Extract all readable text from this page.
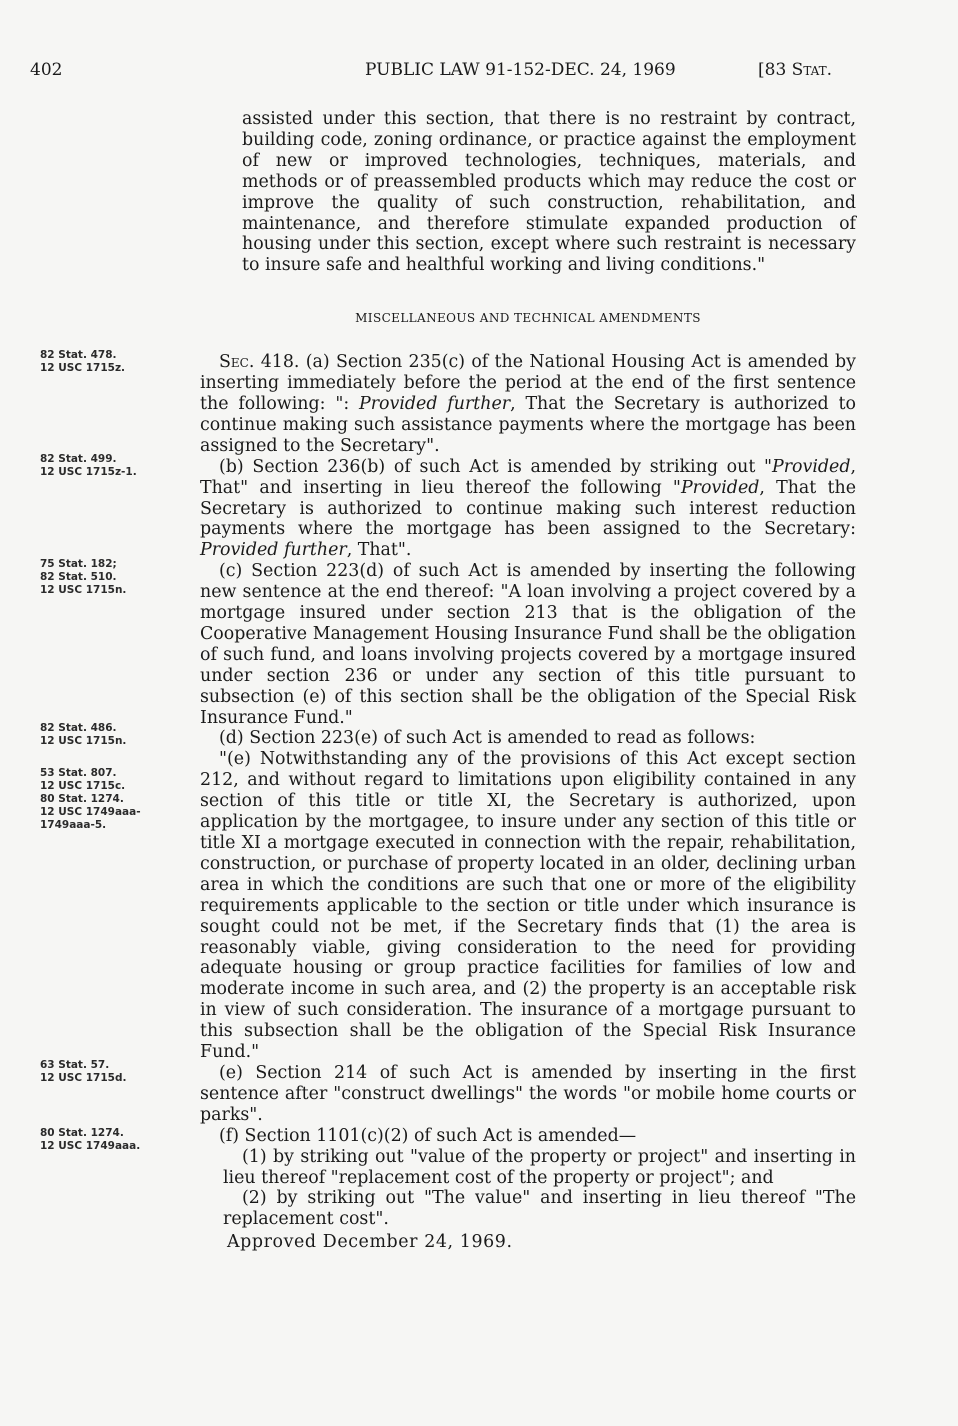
402	PUBLIC LAW 91-152-DEC. 24, 1969	[83 Stat.

assisted under this section, that there is no restraint by contract, building code, zoning ordinance, or practice against the employment of new or improved technologies, techniques, materials, and methods or of preassembled products which may reduce the cost or improve the quality of such construction, rehabilitation, and maintenance, and therefore stimulate expanded production of housing under this section, except where such restraint is necessary to insure safe and healthful working and living conditions."

MISCELLANEOUS AND TECHNICAL AMENDMENTS

Sec. 418. (a) Section 235(c) of the National Housing Act is amended by inserting immediately before the period at the end of the first sentence the following: ": Provided further, That the Secretary is authorized to continue making such assistance payments where the mortgage has been assigned to the Secretary".

(b) Section 236(b) of such Act is amended by striking out "Provided, That" and inserting in lieu thereof the following "Provided, That the Secretary is authorized to continue making such interest reduction payments where the mortgage has been assigned to the Secretary: Provided further, That".

(c) Section 223(d) of such Act is amended by inserting the following new sentence at the end thereof: "A loan involving a project covered by a mortgage insured under section 213 that is the obligation of the Cooperative Management Housing Insurance Fund shall be the obligation of such fund, and loans involving projects covered by a mortgage insured under section 236 or under any section of this title pursuant to subsection (e) of this section shall be the obligation of the Special Risk Insurance Fund."

(d) Section 223(e) of such Act is amended to read as follows:

"(e) Notwithstanding any of the provisions of this Act except section 212, and without regard to limitations upon eligibility contained in any section of this title or title XI, the Secretary is authorized, upon application by the mortgagee, to insure under any section of this title or title XI a mortgage executed in connection with the repair, rehabilitation, construction, or purchase of property located in an older, declining urban area in which the conditions are such that one or more of the eligibility requirements applicable to the section or title under which insurance is sought could not be met, if the Secretary finds that (1) the area is reasonably viable, giving consideration to the need for providing adequate housing or group practice facilities for families of low and moderate income in such area, and (2) the property is an acceptable risk in view of such consideration. The insurance of a mortgage pursuant to this subsection shall be the obligation of the Special Risk Insurance Fund."

(e) Section 214 of such Act is amended by inserting in the first sentence after "construct dwellings" the words "or mobile home courts or parks".

(f) Section 1101(c)(2) of such Act is amended—

(1) by striking out "value of the property or project" and inserting in lieu thereof "replacement cost of the property or project"; and

(2) by striking out "The value" and inserting in lieu thereof "The replacement cost".

Approved December 24, 1969.

82 Stat. 478.
12 USC 1715z.
82 Stat. 499.
12 USC 1715z-1.
75 Stat. 182;
82 Stat. 510.
12 USC 1715n.
82 Stat. 486.
12 USC 1715n.
53 Stat. 807.
12 USC 1715c.
80 Stat. 1274.
12 USC 1749aaa-
1749aaa-5.
63 Stat. 57.
12 USC 1715d.
80 Stat. 1274.
12 USC 1749aaa.
